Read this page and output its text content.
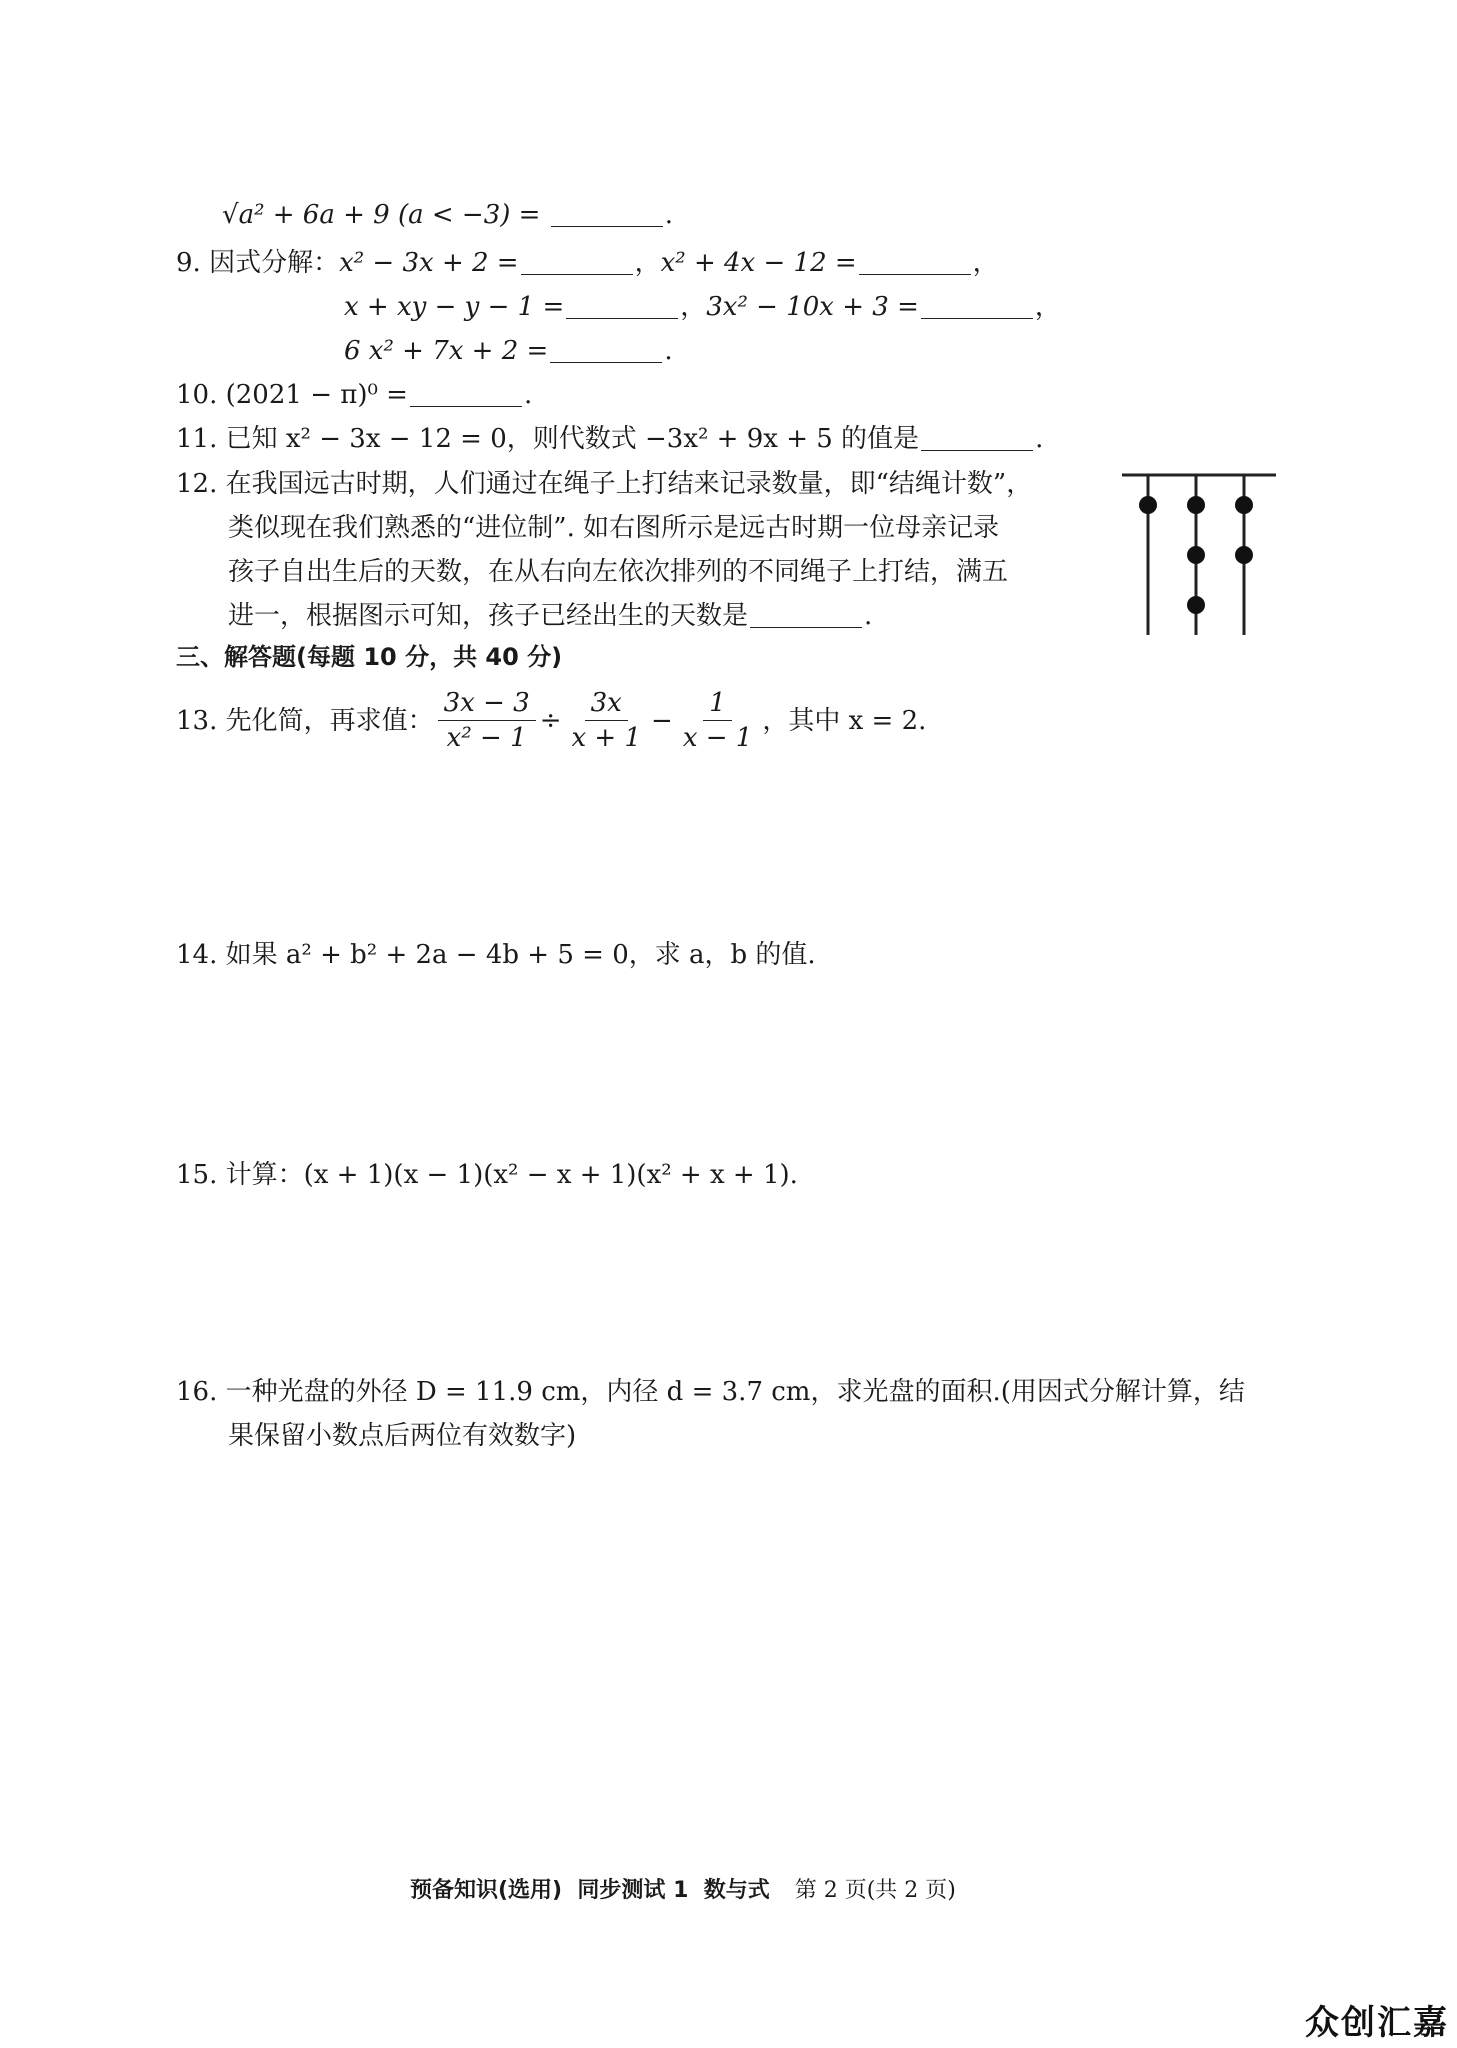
√a² + 6a + 9 (a < −3) =	.
9. 因式分解：x² − 3x + 2 =	，x² + 4x − 12 =	，
x + xy − y − 1 =	，3x² − 10x + 3 =	，
6 x² + 7x + 2 =	.
10. (2021 − π)⁰ =	.
11. 已知 x² − 3x − 12 = 0，则代数式 −3x² + 9x + 5 的值是	.
12. 在我国远古时期，人们通过在绳子上打结来记录数量，即“结绳计数”，
类似现在我们熟悉的“进位制”. 如右图所示是远古时期一位母亲记录
孩子自出生后的天数，在从右向左依次排列的不同绳子上打结，满五
进一，根据图示可知，孩子已经出生的天数是	.
三、解答题(每题 10 分，共 40 分)
13. 先化简，再求值： $\frac{3x - 3}{\text{x² − 1}} \div \frac{3x}{x + 1} - \frac{1}{x - 1}$ ，其中 x = 2.
14. 如果 a² + b² + 2a − 4b + 5 = 0，求 a，b 的值.
15. 计算：(x + 1)(x − 1)(x² − x + 1)(x² + x + 1).
16. 一种光盘的外径 D = 11.9 cm，内径 d = 3.7 cm，求光盘的面积.(用因式分解计算，结
果保留小数点后两位有效数字)
预备知识(选用)  同步测试 1  数与式 第 2 页(共 2 页)
众创汇嘉
